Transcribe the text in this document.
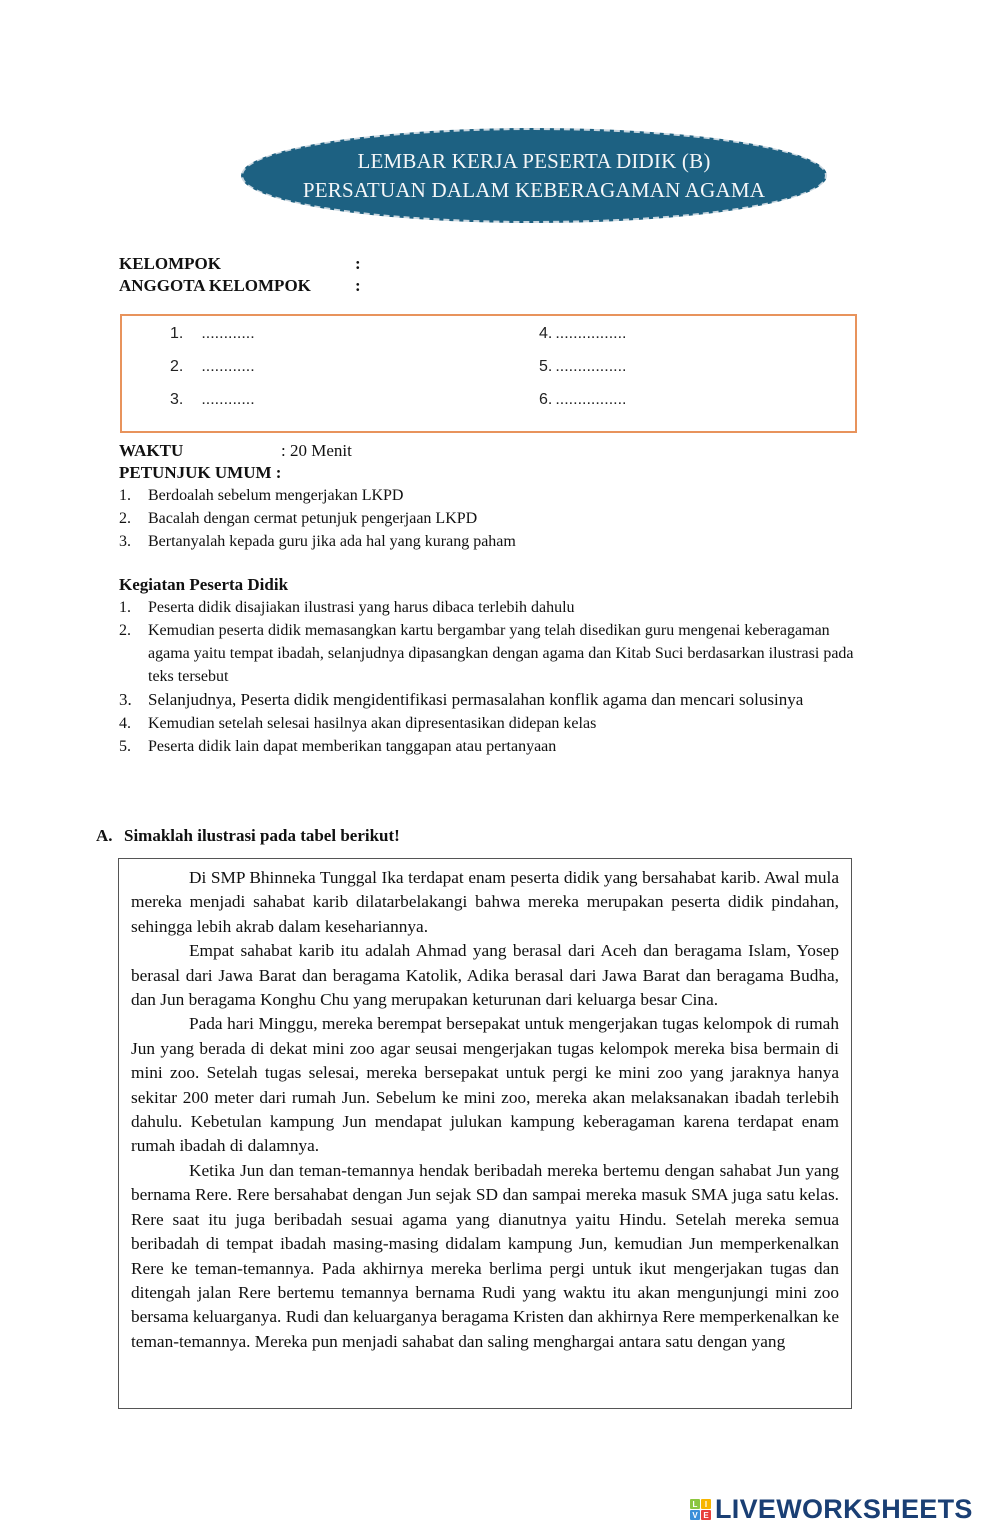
LEMBAR KERJA PESERTA DIDIK (B)
PERSATUAN DALAM KEBERAGAMAN AGAMA
KELOMPOK	:
ANGGOTA KELOMPOK	:
1. ............
2. ............
3. ............
4. ................
5. ................
6. ................
WAKTU	: 20 Menit
PETUNJUK UMUM :
1. Berdoalah sebelum mengerjakan LKPD
2. Bacalah dengan cermat petunjuk pengerjaan LKPD
3. Bertanyalah kepada guru jika ada hal yang kurang paham
Kegiatan Peserta Didik
1. Peserta didik disajiakan ilustrasi yang harus dibaca terlebih dahulu
2. Kemudian peserta didik memasangkan kartu bergambar yang telah disedikan guru mengenai keberagaman agama yaitu tempat ibadah, selanjudnya dipasangkan dengan agama dan Kitab Suci berdasarkan ilustrasi pada teks tersebut
3. Selanjudnya, Peserta didik mengidentifikasi permasalahan konflik agama dan mencari solusinya
4. Kemudian setelah selesai hasilnya akan dipresentasikan didepan kelas
5. Peserta didik lain dapat memberikan tanggapan atau pertanyaan
A. Simaklah ilustrasi pada tabel berikut!

Di SMP Bhinneka Tunggal Ika terdapat enam peserta didik yang bersahabat karib. Awal mula mereka menjadi sahabat karib dilatarbelakangi bahwa mereka merupakan peserta didik pindahan, sehingga lebih akrab dalam kesehariannya.

Empat sahabat karib itu adalah Ahmad yang berasal dari Aceh dan beragama Islam, Yosep berasal dari Jawa Barat dan beragama Katolik, Adika berasal dari Jawa Barat dan beragama Budha, dan Jun beragama Konghu Chu yang merupakan keturunan dari keluarga besar Cina.

Pada hari Minggu, mereka berempat bersepakat untuk mengerjakan tugas kelompok di rumah Jun yang berada di dekat mini zoo agar seusai mengerjakan tugas kelompok mereka bisa bermain di mini zoo. Setelah tugas selesai, mereka bersepakat untuk pergi ke mini zoo yang jaraknya hanya sekitar 200 meter dari rumah Jun. Sebelum ke mini zoo, mereka akan melaksanakan ibadah terlebih dahulu. Kebetulan kampung Jun mendapat julukan kampung keberagaman karena terdapat enam rumah ibadah di dalamnya.

Ketika Jun dan teman-temannya hendak beribadah mereka bertemu dengan sahabat Jun yang bernama Rere. Rere bersahabat dengan Jun sejak SD dan sampai mereka masuk SMA juga satu kelas. Rere saat itu juga beribadah sesuai agama yang dianutnya yaitu Hindu. Setelah mereka semua beribadah di tempat ibadah masing-masing didalam kampung Jun, kemudian Jun memperkenalkan Rere ke teman-temannya. Pada akhirnya mereka berlima pergi untuk ikut mengerjakan tugas dan ditengah jalan Rere bertemu temannya bernama Rudi yang waktu itu akan mengunjungi mini zoo bersama keluarganya. Rudi dan keluarganya beragama Kristen dan akhirnya Rere memperkenalkan ke teman-temannya. Mereka pun menjadi sahabat dan saling menghargai antara satu dengan yang

L I
V E LIVEWORKSHEETS
